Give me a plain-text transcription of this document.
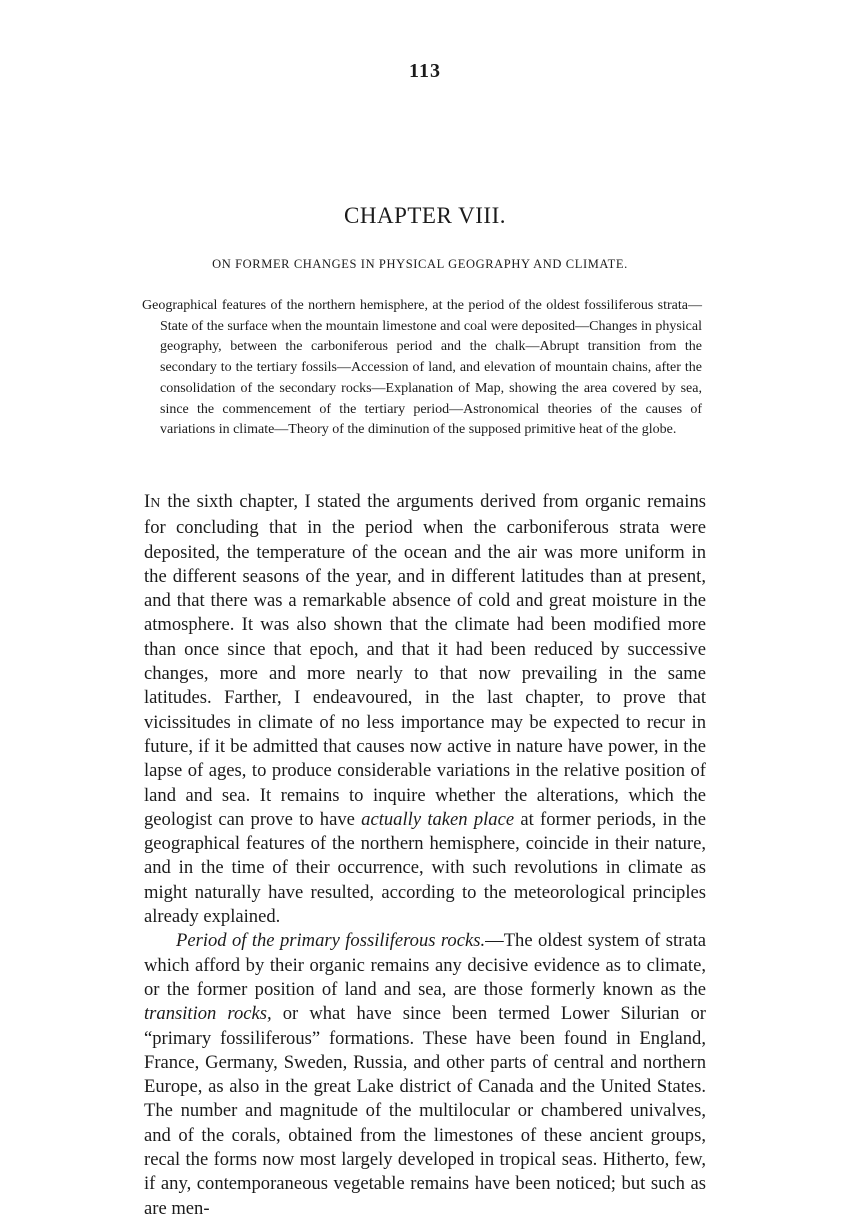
113
CHAPTER VIII.
ON FORMER CHANGES IN PHYSICAL GEOGRAPHY AND CLIMATE.
Geographical features of the northern hemisphere, at the period of the oldest fossiliferous strata—State of the surface when the mountain limestone and coal were deposited—Changes in physical geography, between the carboniferous period and the chalk—Abrupt transition from the secondary to the tertiary fossils—Accession of land, and elevation of mountain chains, after the consolidation of the secondary rocks—Explanation of Map, showing the area covered by sea, since the commencement of the tertiary period—Astronomical theories of the causes of variations in climate—Theory of the diminution of the supposed primitive heat of the globe.

IN the sixth chapter, I stated the arguments derived from organic remains for concluding that in the period when the carboniferous strata were deposited, the temperature of the ocean and the air was more uniform in the different seasons of the year, and in different latitudes than at present, and that there was a remarkable absence of cold and great moisture in the atmosphere. It was also shown that the climate had been modified more than once since that epoch, and that it had been reduced by successive changes, more and more nearly to that now prevailing in the same latitudes. Farther, I endeavoured, in the last chapter, to prove that vicissitudes in climate of no less importance may be expected to recur in future, if it be admitted that causes now active in nature have power, in the lapse of ages, to produce considerable variations in the relative position of land and sea. It remains to inquire whether the alterations, which the geologist can prove to have actually taken place at former periods, in the geographical features of the northern hemisphere, coincide in their nature, and in the time of their occurrence, with such revolutions in climate as might naturally have resulted, according to the meteorological principles already explained.

Period of the primary fossiliferous rocks.—The oldest system of strata which afford by their organic remains any decisive evidence as to climate, or the former position of land and sea, are those formerly known as the transition rocks, or what have since been termed Lower Silurian or “primary fossiliferous” formations. These have been found in England, France, Germany, Sweden, Russia, and other parts of central and northern Europe, as also in the great Lake district of Canada and the United States. The number and magnitude of the multilocular or chambered univalves, and of the corals, obtained from the limestones of these ancient groups, recal the forms now most largely developed in tropical seas. Hitherto, few, if any, contemporaneous vegetable remains have been noticed; but such as are men-
